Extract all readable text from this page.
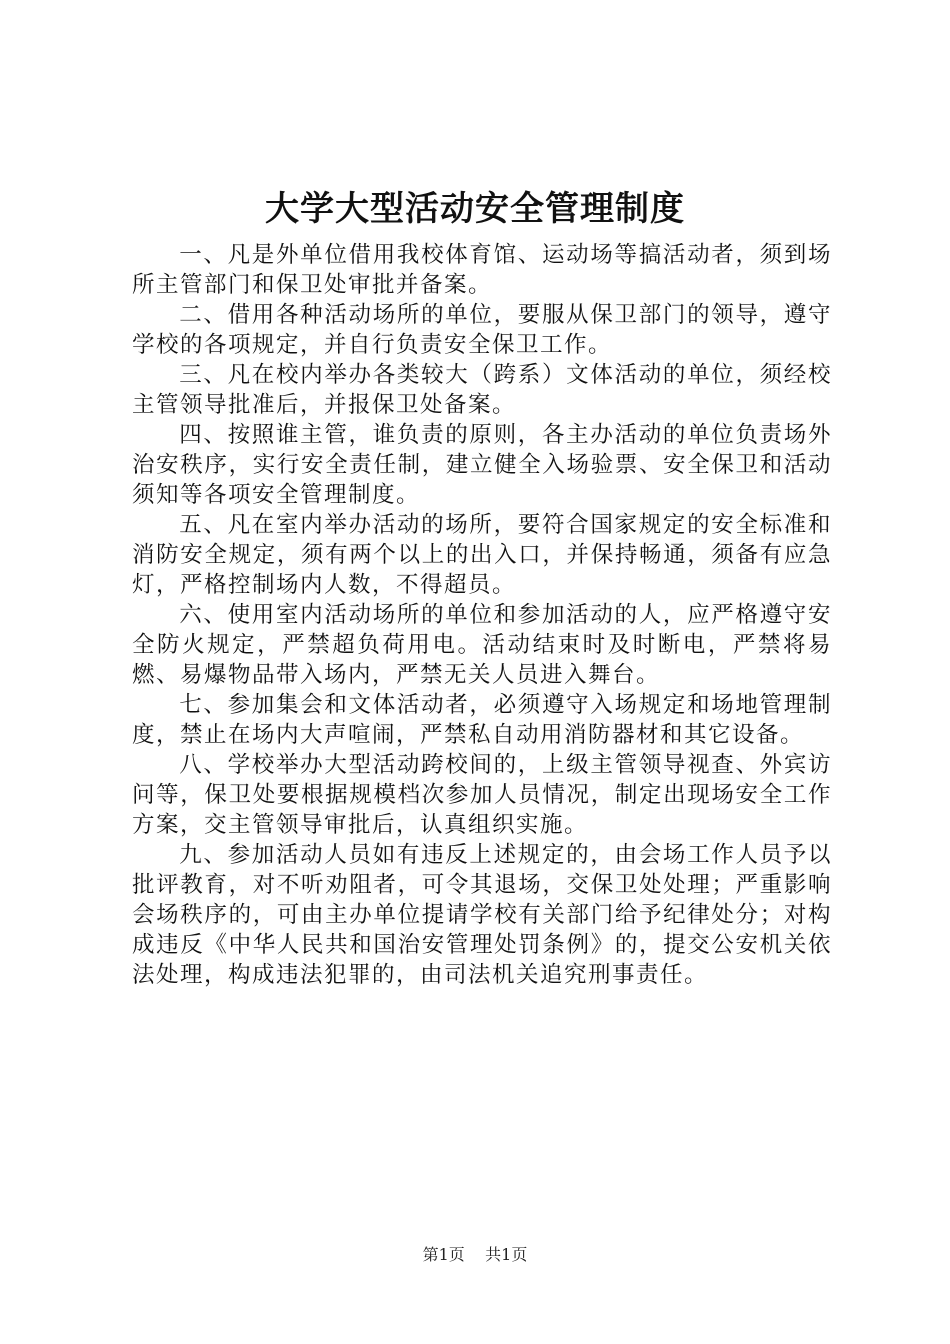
大学大型活动安全管理制度

一、凡是外单位借用我校体育馆、运动场等搞活动者，须到场所主管部门和保卫处审批并备案。

二、借用各种活动场所的单位，要服从保卫部门的领导，遵守学校的各项规定，并自行负责安全保卫工作。

三、凡在校内举办各类较大（跨系）文体活动的单位，须经校主管领导批准后，并报保卫处备案。

四、按照谁主管，谁负责的原则，各主办活动的单位负责场外治安秩序，实行安全责任制，建立健全入场验票、安全保卫和活动须知等各项安全管理制度。

五、凡在室内举办活动的场所，要符合国家规定的安全标准和消防安全规定，须有两个以上的出入口，并保持畅通，须备有应急灯，严格控制场内人数，不得超员。

六、使用室内活动场所的单位和参加活动的人，应严格遵守安全防火规定，严禁超负荷用电。活动结束时及时断电，严禁将易燃、易爆物品带入场内，严禁无关人员进入舞台。

七、参加集会和文体活动者，必须遵守入场规定和场地管理制度，禁止在场内大声喧闹，严禁私自动用消防器材和其它设备。

八、学校举办大型活动跨校间的，上级主管领导视查、外宾访问等，保卫处要根据规模档次参加人员情况，制定出现场安全工作方案，交主管领导审批后，认真组织实施。

九、参加活动人员如有违反上述规定的，由会场工作人员予以批评教育，对不听劝阻者，可令其退场，交保卫处处理；严重影响会场秩序的，可由主办单位提请学校有关部门给予纪律处分；对构成违反《中华人民共和国治安管理处罚条例》的，提交公安机关依法处理，构成违法犯罪的，由司法机关追究刑事责任。

第1页 共1页
